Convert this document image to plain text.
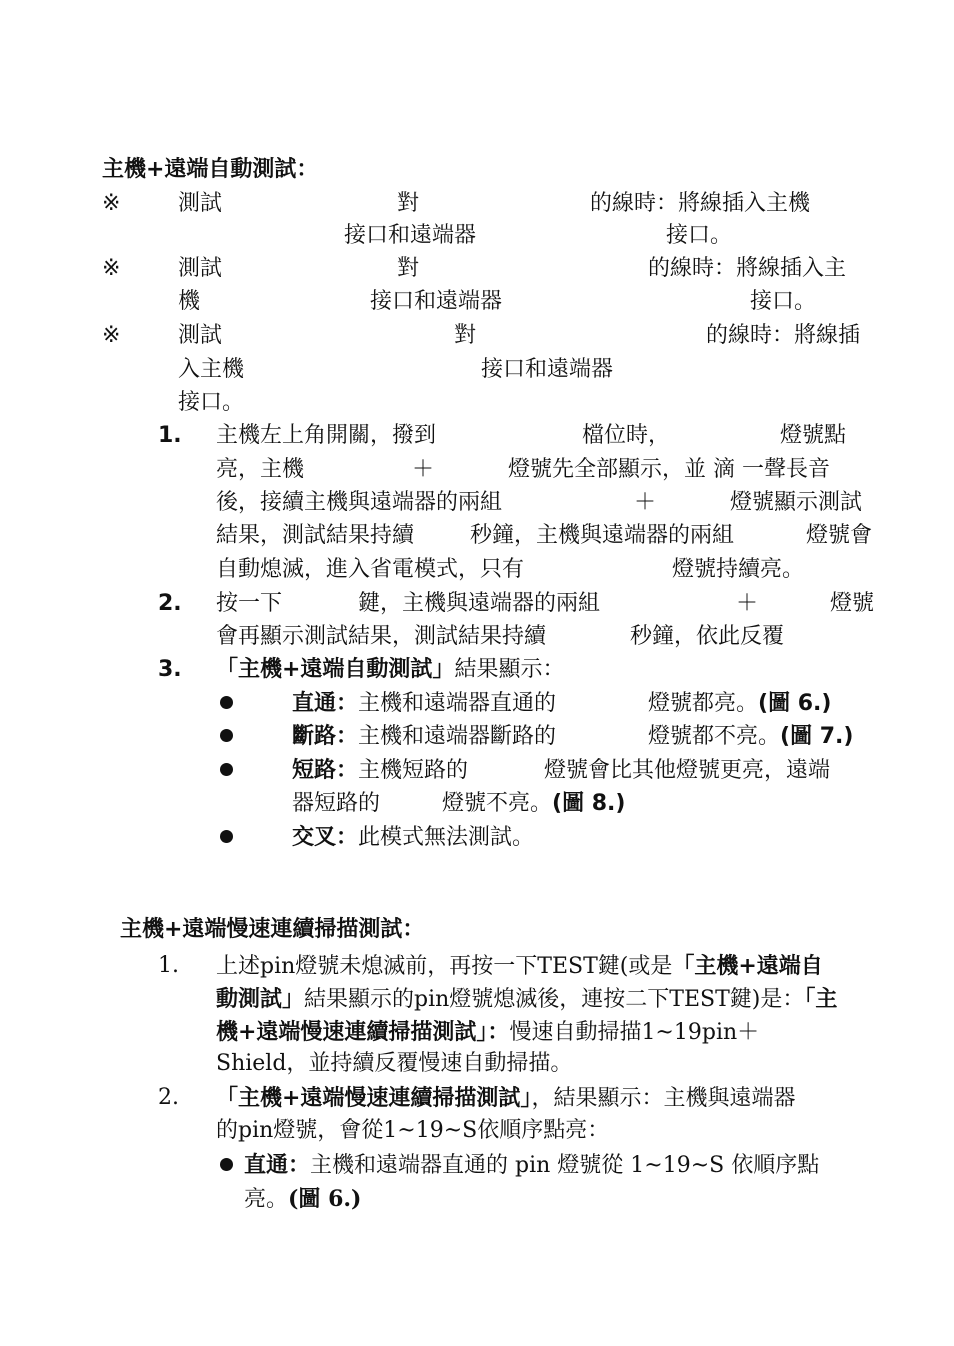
主機+遠端自動測試：
※	測試	對	的線時：將線插入主機
接口和遠端器	接口。
※	測試	對	的線時：將線插入主
機	接口和遠端器	接口。
※	測試	對	的線時：將線插
入主機	接口和遠端器
接口。
1. 主機左上角開關，撥到	檔位時，	燈號點
亮，主機	＋	燈號先全部顯示，並 滴 一聲長音
後，接續主機與遠端器的兩組	＋	燈號顯示測試
結果，測試結果持續	秒鐘，主機與遠端器的兩組	燈號會
自動熄滅，進入省電模式，只有	燈號持續亮。
2. 按一下	鍵，主機與遠端器的兩組	＋	燈號
會再顯示測試結果，測試結果持續	秒鐘，依此反覆
3. 「主機+遠端自動測試」結果顯示：
直通：主機和遠端器直通的	燈號都亮。(圖 6.)
斷路：主機和遠端器斷路的	燈號都不亮。(圖 7.)
短路：主機短路的	燈號會比其他燈號更亮，遠端
器短路的	燈號不亮。(圖 8.)
交叉：此模式無法測試。
主機+遠端慢速連續掃描測試：
1. 上述pin燈號未熄滅前，再按一下TEST鍵(或是「主機+遠端自
動測試」結果顯示的pin燈號熄滅後，連按二下TEST鍵)是：「主
機+遠端慢速連續掃描測試」：慢速自動掃描1~19pin＋
Shield，並持續反覆慢速自動掃描。
2. 「主機+遠端慢速連續掃描測試」，結果顯示：主機與遠端器
的pin燈號，會從1~19~S依順序點亮：
直通：主機和遠端器直通的 pin 燈號從 1~19~S 依順序點
亮。(圖 6.)
